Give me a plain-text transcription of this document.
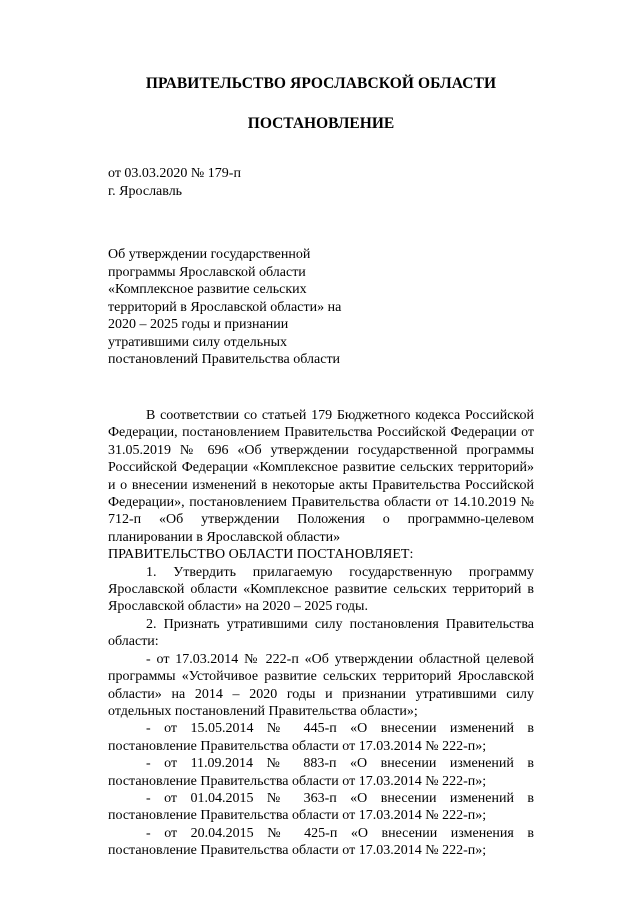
ПРАВИТЕЛЬСТВО ЯРОСЛАВСКОЙ ОБЛАСТИ
ПОСТАНОВЛЕНИЕ
от 03.03.2020 № 179-п
г. Ярославль
Об утверждении государственной программы Ярославской области «Комплексное развитие сельских территорий в Ярославской области» на 2020 – 2025 годы и признании утратившими силу отдельных постановлений Правительства области

В соответствии со статьей 179 Бюджетного кодекса Российской Федерации, постановлением Правительства Российской Федерации от 31.05.2019 № 696 «Об утверждении государственной программы Российской Федерации «Комплексное развитие сельских территорий» и о внесении изменений в некоторые акты Правительства Российской Федерации», постановлением Правительства области от 14.10.2019 № 712-п «Об утверждении Положения о программно-целевом планировании в Ярославской области»

ПРАВИТЕЛЬСТВО ОБЛАСТИ ПОСТАНОВЛЯЕТ:

1. Утвердить прилагаемую государственную программу Ярославской области «Комплексное развитие сельских территорий в Ярославской области» на 2020 – 2025 годы.

2. Признать утратившими силу постановления Правительства области:

- от 17.03.2014 № 222-п «Об утверждении областной целевой программы «Устойчивое развитие сельских территорий Ярославской области» на 2014 – 2020 годы и признании утратившими силу отдельных постановлений Правительства области»;

- от 15.05.2014 № 445-п «О внесении изменений в постановление Правительства области от 17.03.2014 № 222-п»;

- от 11.09.2014 № 883-п «О внесении изменений в постановление Правительства области от 17.03.2014 № 222-п»;

- от 01.04.2015 № 363-п «О внесении изменений в постановление Правительства области от 17.03.2014 № 222-п»;

- от 20.04.2015 № 425-п «О внесении изменения в постановление Правительства области от 17.03.2014 № 222-п»;
